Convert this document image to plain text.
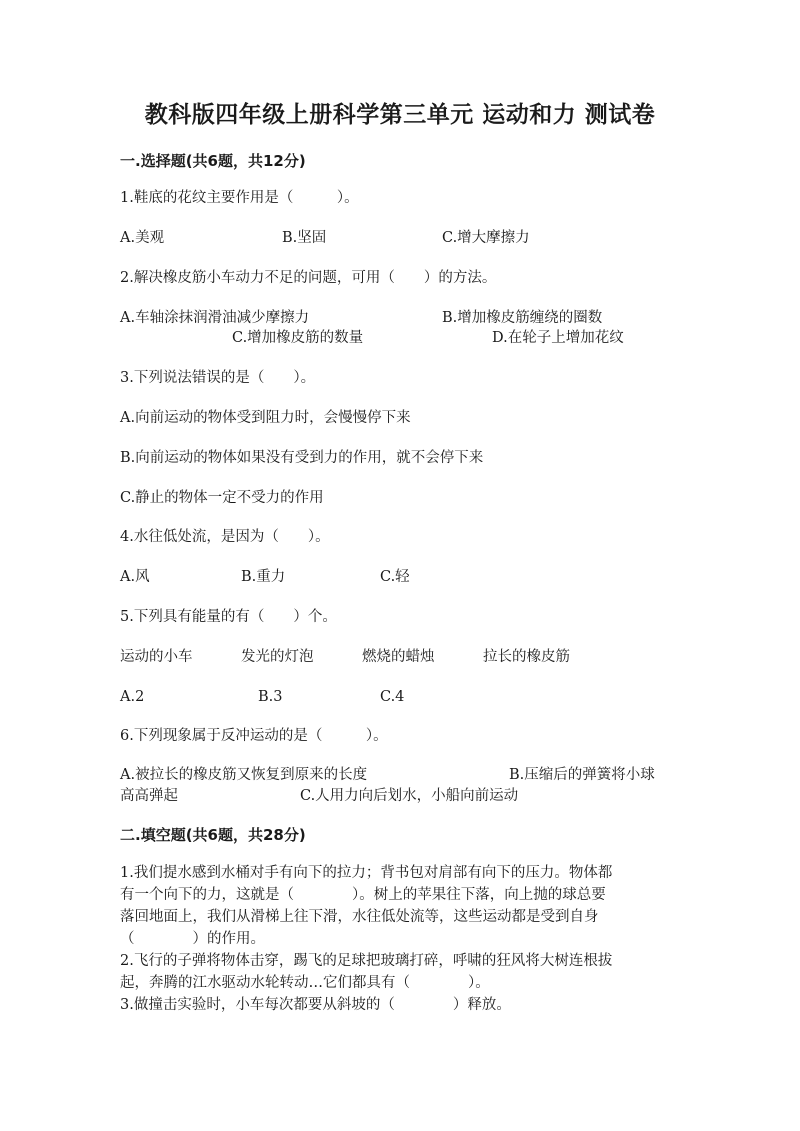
教科版四年级上册科学第三单元 运动和力 测试卷
一.选择题(共6题，共12分)
1.鞋底的花纹主要作用是（　　　）。
A.美观	B.坚固	C.增大摩擦力
2.解决橡皮筋小车动力不足的问题，可用（　　）的方法。
A.车轴涂抹润滑油减少摩擦力	B.增加橡皮筋缠绕的圈数
C.增加橡皮筋的数量	D.在轮子上增加花纹
3.下列说法错误的是（　　）。
A.向前运动的物体受到阻力时，会慢慢停下来
B.向前运动的物体如果没有受到力的作用，就不会停下来
C.静止的物体一定不受力的作用
4.水往低处流，是因为（　　）。
A.风	B.重力	C.轻
5.下列具有能量的有（　　）个。
运动的小车	发光的灯泡	燃烧的蜡烛	拉长的橡皮筋
A.2	B.3	C.4
6.下列现象属于反冲运动的是（　　　）。
A.被拉长的橡皮筋又恢复到原来的长度	B.压缩后的弹簧将小球
高高弹起	C.人用力向后划水，小船向前运动
二.填空题(共6题，共28分)
1.我们提水感到水桶对手有向下的拉力；背书包对肩部有向下的压力。物体都
有一个向下的力，这就是（　　　　）。树上的苹果往下落，向上抛的球总要
落回地面上，我们从滑梯上往下滑，水往低处流等，这些运动都是受到自身
（　　　　）的作用。
2.飞行的子弹将物体击穿，踢飞的足球把玻璃打碎，呼啸的狂风将大树连根拔
起，奔腾的江水驱动水轮转动…它们都具有（　　　　）。
3.做撞击实验时，小车每次都要从斜坡的（　　　　）释放。
